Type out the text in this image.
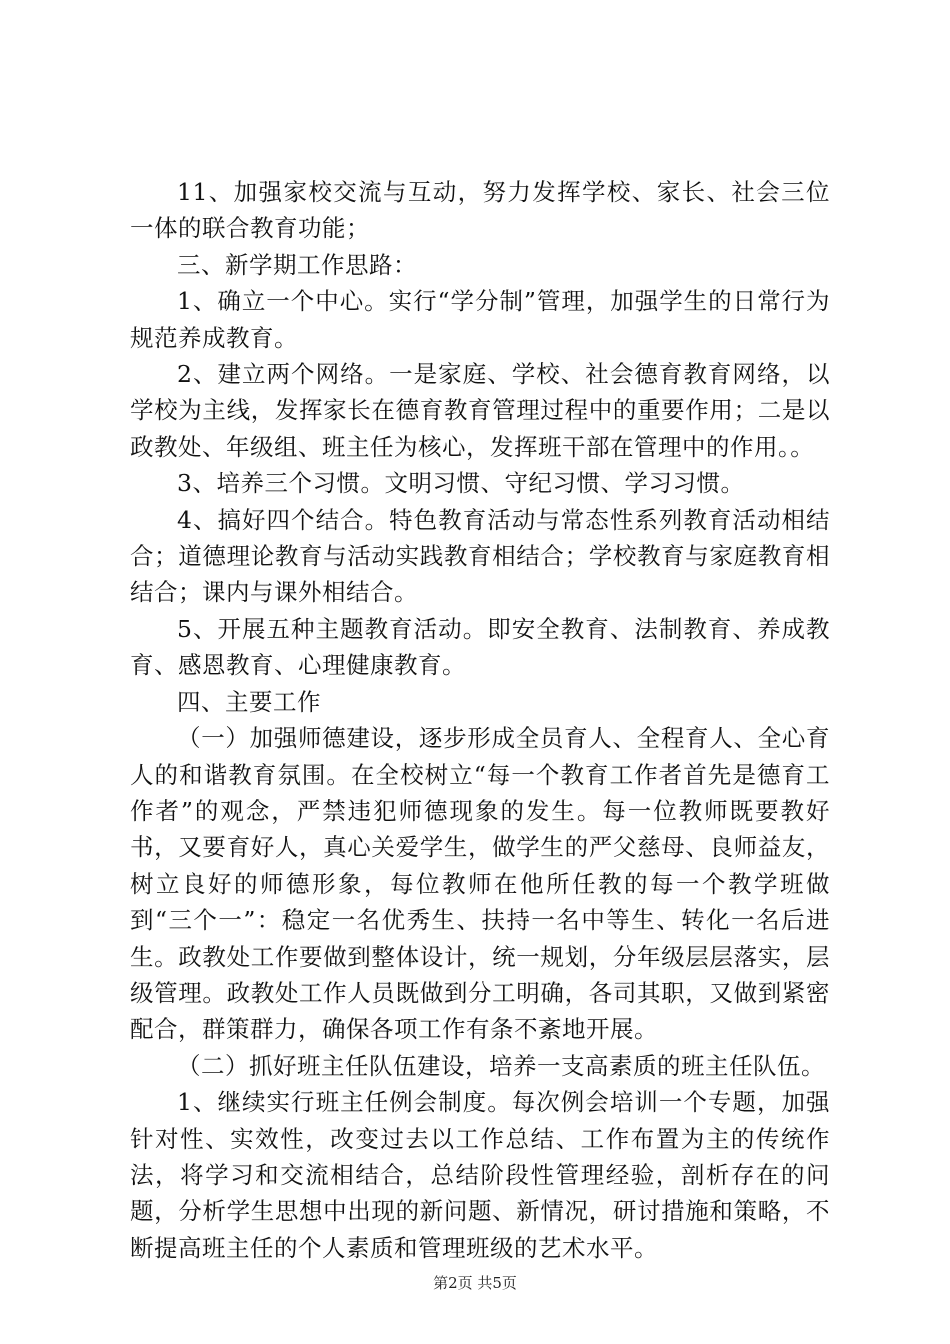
11、加强家校交流与互动，努力发挥学校、家长、社会三位一体的联合教育功能；

三、新学期工作思路：

1、确立一个中心。实行“学分制”管理，加强学生的日常行为规范养成教育。

2、建立两个网络。一是家庭、学校、社会德育教育网络，以学校为主线，发挥家长在德育教育管理过程中的重要作用；二是以政教处、年级组、班主任为核心，发挥班干部在管理中的作用。。

3、培养三个习惯。文明习惯、守纪习惯、学习习惯。

4、搞好四个结合。特色教育活动与常态性系列教育活动相结合；道德理论教育与活动实践教育相结合；学校教育与家庭教育相结合；课内与课外相结合。

5、开展五种主题教育活动。即安全教育、法制教育、养成教育、感恩教育、心理健康教育。

四、主要工作

（一）加强师德建设，逐步形成全员育人、全程育人、全心育人的和谐教育氛围。在全校树立“每一个教育工作者首先是德育工作者”的观念，严禁违犯师德现象的发生。每一位教师既要教好书，又要育好人，真心关爱学生，做学生的严父慈母、良师益友，树立良好的师德形象，每位教师在他所任教的每一个教学班做到“三个一”：稳定一名优秀生、扶持一名中等生、转化一名后进生。政教处工作要做到整体设计，统一规划，分年级层层落实，层级管理。政教处工作人员既做到分工明确，各司其职，又做到紧密配合，群策群力，确保各项工作有条不紊地开展。

（二）抓好班主任队伍建设，培养一支高素质的班主任队伍。

1、继续实行班主任例会制度。每次例会培训一个专题，加强针对性、实效性，改变过去以工作总结、工作布置为主的传统作法，将学习和交流相结合，总结阶段性管理经验，剖析存在的问题，分析学生思想中出现的新问题、新情况，研讨措施和策略，不断提高班主任的个人素质和管理班级的艺术水平。

第2页 共5页
